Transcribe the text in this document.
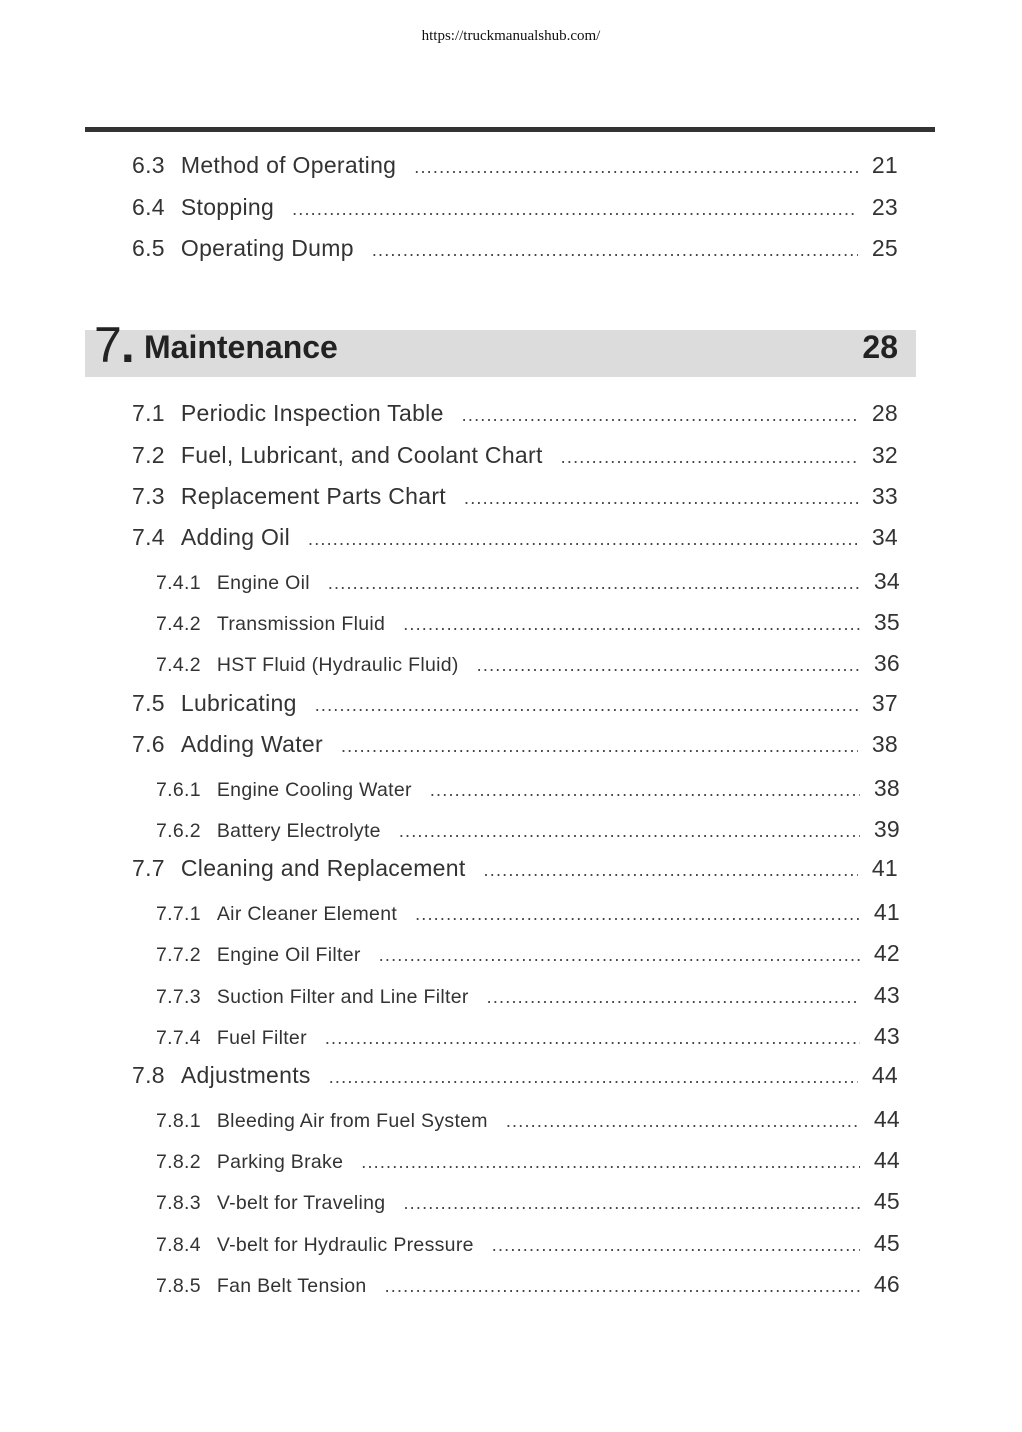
https://truckmanualshub.com/
6.3 Method of Operating .....	21
6.4 Stopping .....	23
6.5 Operating Dump .....	25
7. Maintenance	28
7.1 Periodic Inspection Table .....	28
7.2 Fuel, Lubricant, and Coolant Chart .....	32
7.3 Replacement Parts Chart .....	33
7.4 Adding Oil .....	34
7.4.1 Engine Oil .....	34
7.4.2 Transmission Fluid .....	35
7.4.2 HST Fluid (Hydraulic Fluid) .....	36
7.5 Lubricating .....	37
7.6 Adding Water .....	38
7.6.1 Engine Cooling Water .....	38
7.6.2 Battery Electrolyte .....	39
7.7 Cleaning and Replacement .....	41
7.7.1 Air Cleaner Element .....	41
7.7.2 Engine Oil Filter .....	42
7.7.3 Suction Filter and Line Filter .....	43
7.7.4 Fuel Filter .....	43
7.8 Adjustments .....	44
7.8.1 Bleeding Air from Fuel System .....	44
7.8.2 Parking Brake .....	44
7.8.3 V-belt for Traveling .....	45
7.8.4 V-belt for Hydraulic Pressure .....	45
7.8.5 Fan Belt Tension .....	46
